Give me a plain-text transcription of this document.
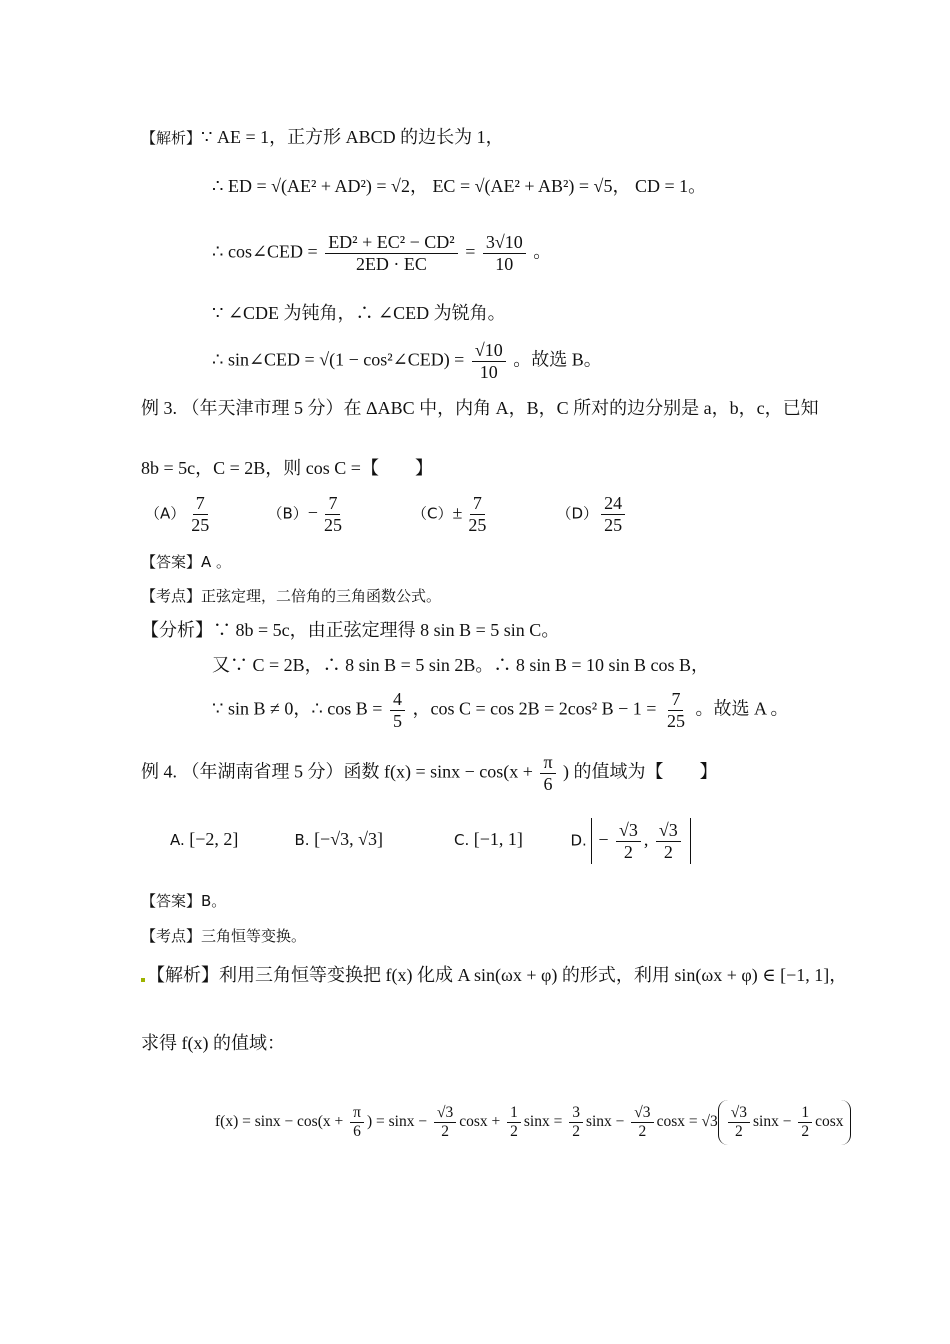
【解析】∵ AE = 1，正方形 ABCD 的边长为 1，
∴ ED = √(AE² + AD²) = √2， EC = √(AE² + AB²) = √5， CD = 1。
∴ cos∠CED = $\frac{\text{ED² + EC² − CD²}}{2ED \cdot EC} = \frac{3√10}{10}$ 。
∵ ∠CDE 为钝角，∴ ∠CED 为锐角。
∴ sin∠CED = √(1 − cos²∠CED) = $\frac{√10}{10}$ 。故选 B。
例 3. （年天津市理 5 分）在 ΔABC 中，内角 A，B，C 所对的边分别是 a，b，c，已知
8b = 5c，C = 2B，则 cos C =【　　】
$(A) \frac{7}{25}$	$(B)- \frac{7}{25}$	$(C)\pm \frac{7}{25}$	$(D) \frac{24}{25}$
【答案】A 。
【考点】正弦定理，二倍角的三角函数公式。
【分析】∵ 8b = 5c，由正弦定理得 8 sin B = 5 sin C。
又∵ C = 2B，∴ 8 sin B = 5 sin 2B。∴ 8 sin B = 10 sin B cos B，
∵ sin B ≠ 0，∴ $\cos B = \frac{4}{5}$ ，cos C = cos 2B = 2cos² $B - 1 = \frac{7}{25}$ 。故选 A 。
例 4. （年湖南省理 5 分）函数 $f(x) = \sin x - \cos(x + \frac{\pi}{6}$ ) 的值域为【　　】
A. [−2, 2]	B. [−√3, √3]	C. [−1, 1]	D. − $\frac{√3}{2}$ , $\frac{√3}{2}$
【答案】B。
【考点】三角恒等变换。
【解析】利用三角恒等变换把 f(x) 化成 A sin(ωx + φ) 的形式，利用 sin(ωx + φ) ∈ [−1, 1]，
求得 f(x) 的值域：
$f(x) = \sin x - \cos(x + \frac{\pi}{6}$ ) = $\sin x - \frac{√3}{2}$ $\cos x + \frac{1}{2}$ $\sin x = \frac{3}{2}$ $\sin x - \frac{√3}{2}$ $\cos x = √3 \frac{√3}{2}$ $\sin x - \frac{1}{2}$ cosx
